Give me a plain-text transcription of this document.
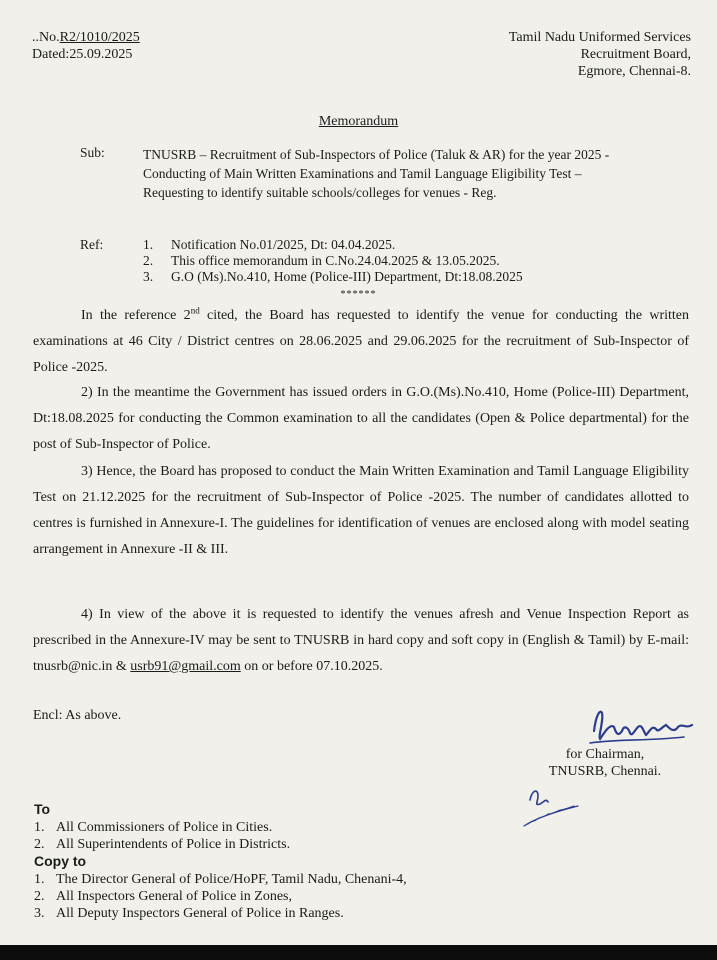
..No.R2/1010/2025
Dated:25.09.2025
Tamil Nadu Uniformed Services
Recruitment Board,
Egmore, Chennai-8.
Memorandum
Sub:	TNUSRB – Recruitment of Sub-Inspectors of Police (Taluk & AR) for the year 2025 - Conducting of Main Written Examinations and Tamil Language Eligibility Test – Requesting to identify suitable schools/colleges for venues - Reg.
Ref:	1. Notification No.01/2025, Dt: 04.04.2025.
2. This office memorandum in C.No.24.04.2025 & 13.05.2025.
3. G.O (Ms).No.410, Home (Police-III) Department, Dt:18.08.2025
******
In the reference 2nd cited, the Board has requested to identify the venue for conducting the written examinations at 46 City / District centres on 28.06.2025 and 29.06.2025 for the recruitment of Sub-Inspector of Police -2025.
2) In the meantime the Government has issued orders in G.O.(Ms).No.410, Home (Police-III) Department, Dt:18.08.2025 for conducting the Common examination to all the candidates (Open & Police departmental) for the post of Sub-Inspector of Police.
3) Hence, the Board has proposed to conduct the Main Written Examination and Tamil Language Eligibility Test on 21.12.2025 for the recruitment of Sub-Inspector of Police -2025. The number of candidates allotted to centres is furnished in Annexure-I. The guidelines for identification of venues are enclosed along with model seating arrangement in Annexure -II & III.
4) In view of the above it is requested to identify the venues afresh and Venue Inspection Report as prescribed in the Annexure-IV may be sent to TNUSRB in hard copy and soft copy in (English & Tamil) by E-mail: tnusrb@nic.in & usrb91@gmail.com on or before 07.10.2025.
Encl: As above.
for Chairman,
TNUSRB, Chennai.
To
1. All Commissioners of Police in Cities.
2. All Superintendents of Police in Districts.
Copy to
1. The Director General of Police/HoPF, Tamil Nadu, Chenani-4,
2. All Inspectors General of Police in Zones,
3. All Deputy Inspectors General of Police in Ranges.
